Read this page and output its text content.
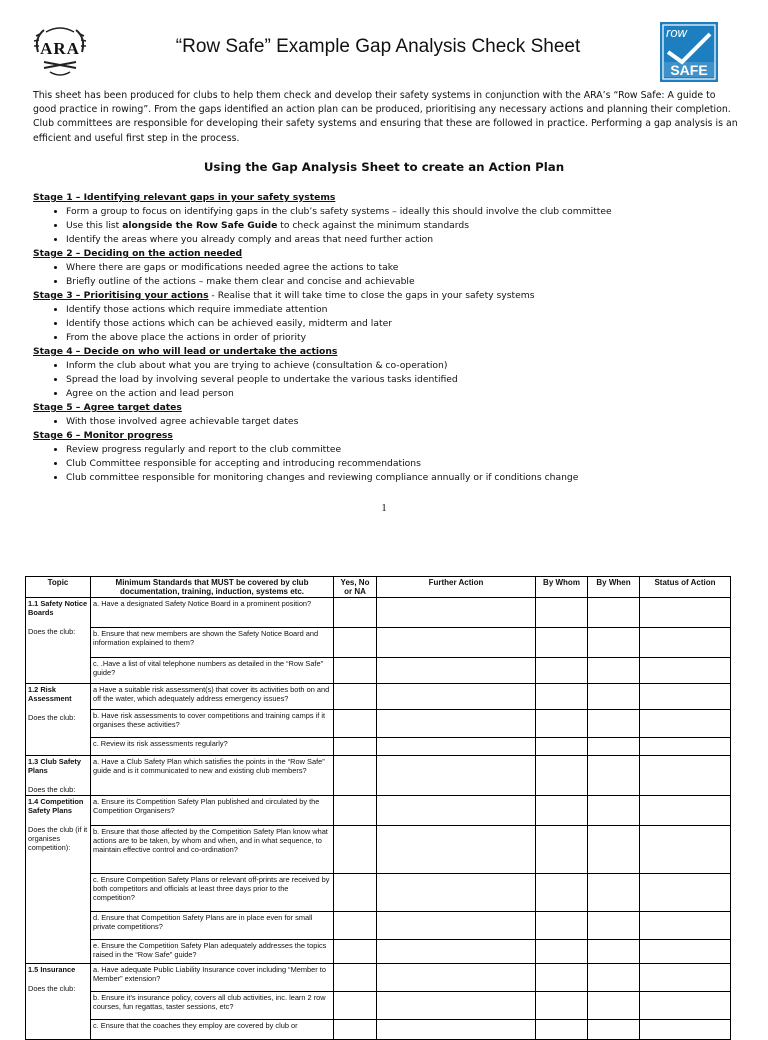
ARA	“Row Safe” Example Gap Analysis Check Sheet
row
SAFE
This sheet has been produced for clubs to help them check and develop their safety systems in conjunction with the ARA’s “Row Safe: A guide to good practice in rowing”. From the gaps identified an action plan can be produced, prioritising any necessary actions and planning their completion. Club committees are responsible for developing their safety systems and ensuring that these are followed in practice. Performing a gap analysis is an efficient and useful first step in the process.
Using the Gap Analysis Sheet to create an Action Plan
Stage 1 – Identifying relevant gaps in your safety systems
• Form a group to focus on identifying gaps in the club’s safety systems – ideally this should involve the club committee
• Use this list alongside the Row Safe Guide to check against the minimum standards
• Identify the areas where you already comply and areas that need further action
Stage 2 – Deciding on the action needed
• Where there are gaps or modifications needed agree the actions to take
• Briefly outline of the actions – make them clear and concise and achievable
Stage 3 – Prioritising your actions - Realise that it will take time to close the gaps in your safety systems
• Identify those actions which require immediate attention
• Identify those actions which can be achieved easily, midterm and later
• From the above place the actions in order of priority
Stage 4 – Decide on who will lead or undertake the actions
• Inform the club about what you are trying to achieve (consultation & co-operation)
• Spread the load by involving several people to undertake the various tasks identified
• Agree on the action and lead person
Stage 5 – Agree target dates
• With those involved agree achievable target dates
Stage 6 – Monitor progress
• Review progress regularly and report to the club committee
• Club Committee responsible for accepting and introducing recommendations
• Club committee responsible for monitoring changes and reviewing compliance annually or if conditions change
1
Topic	Minimum Standards that MUST be covered by club documentation, training, induction, systems etc.	Yes, No or NA	Further Action	By Whom	By When	Status of Action

1.1 Safety Notice Boards
Does the club:	a. Have a designated Safety Notice Board in a prominent position?					
	b. Ensure that new members are shown the Safety Notice Board and information explained to them?					
	c. .Have a list of vital telephone numbers as detailed in the “Row Safe” guide?					

1.2 Risk Assessment
Does the club:	a Have a suitable risk assessment(s) that cover its activities both on and off the water, which adequately address emergency issues?					
	b. Have risk assessments to cover competitions and training camps if it organises these activities?					
	c. Review its risk assessments regularly?					

1.3 Club Safety Plans
Does the club:	a. Have a Club Safety Plan which satisfies the points in the “Row Safe” guide and is it communicated to new and existing club members?					

1.4 Competition Safety Plans
Does the club (if it organises competition):	a. Ensure its Competition Safety Plan published and circulated by the Competition Organisers?					
	b. Ensure that those affected by the Competition Safety Plan know what actions are to be taken, by whom and when, and in what sequence, to maintain effective control and co-ordination?					
	c. Ensure Competition Safety Plans or relevant off-prints are received by both competitors and officials at least three days prior to the competition?					
	d. Ensure that Competition Safety Plans are in place even for small private competitions?					
	e. Ensure the Competition Safety Plan adequately addresses the topics raised in the “Row Safe” guide?					

1.5 Insurance
Does the club:	a. Have adequate Public Liability Insurance cover including “Member to Member” extension?					
	b. Ensure it’s insurance policy, covers all club activities, inc. learn 2 row courses, fun regattas, taster sessions, etc?					
	c. Ensure that the coaches they employ are covered by club or					
